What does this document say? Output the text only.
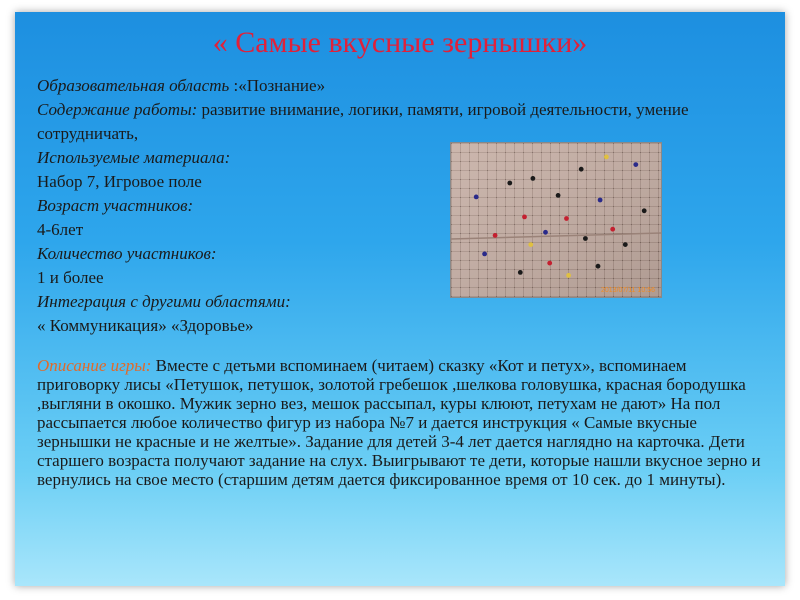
« Самые вкусные зернышки»
Образовательная область :«Познание»
Содержание работы: развитие внимание, логики, памяти, игровой деятельности, умение сотрудничать,
Используемые материала:
Набор 7, Игровое поле
Возраст участников:
4-6лет
Количество участников:
1 и более
Интеграция с другими областями:
« Коммуникация» «Здоровье»
2013/07/11 10:56
Описание игры: Вместе с детьми вспоминаем (читаем) сказку «Кот и петух», вспоминаем приговорку лисы «Петушок, петушок, золотой гребешок ,шелкова головушка, красная бородушка ,выгляни в окошко. Мужик зерно вез, мешок рассыпал, куры клюют, петухам не дают» На пол рассыпается любое количество фигур из набора №7 и дается инструкция « Самые вкусные зернышки не красные и не желтые». Задание для детей 3-4 лет дается наглядно на карточка. Дети старшего возраста получают задание на слух. Выигрывают те дети, которые нашли вкусное зерно и вернулись на свое место (старшим детям дается фиксированное время от 10 сек. до 1 минуты).
